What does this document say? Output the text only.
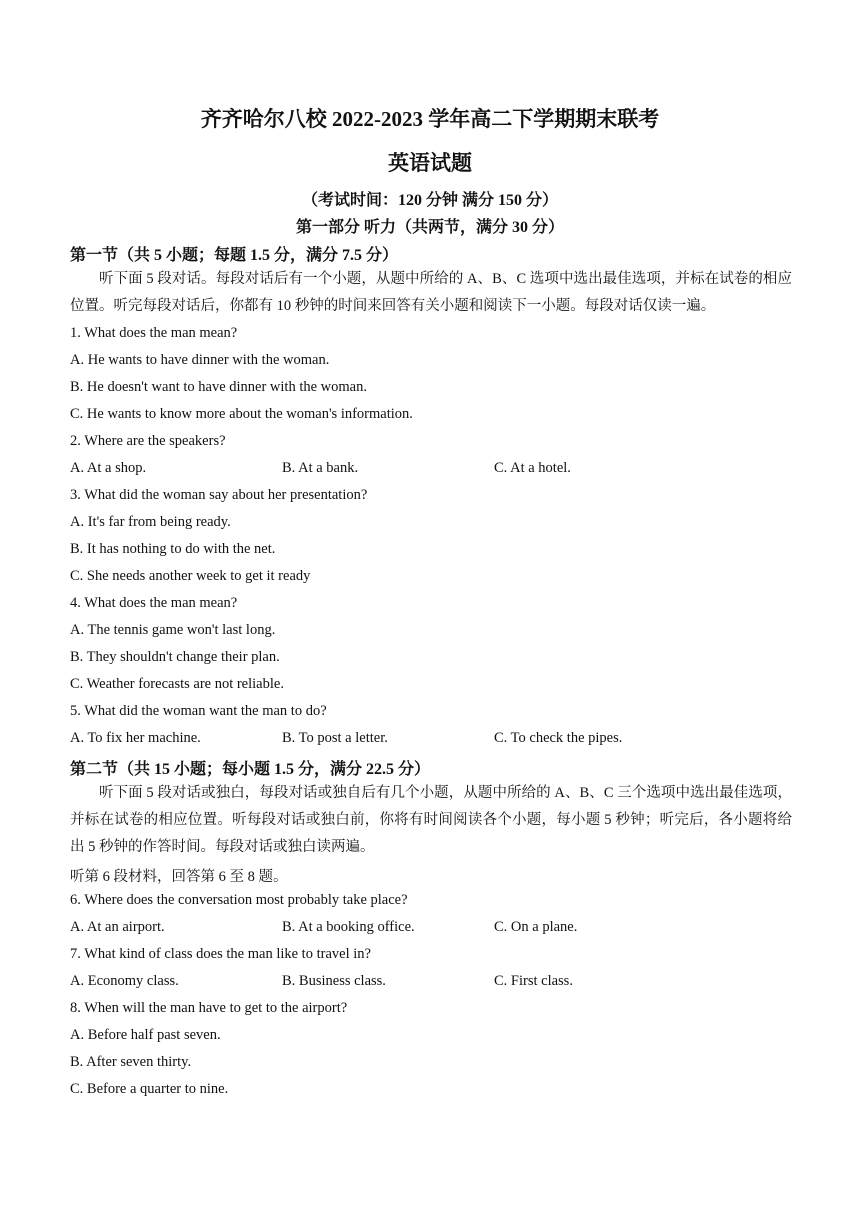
齐齐哈尔八校 2022-2023 学年高二下学期期末联考
英语试题
（考试时间：120 分钟 满分 150 分）
第一部分 听力（共两节，满分 30 分）
第一节（共 5 小题；每题 1.5 分，满分 7.5 分）
听下面 5 段对话。每段对话后有一个小题，从题中所给的 A、B、C 选项中选出最佳选项，并标在试卷的相应位置。听完每段对话后，你都有 10 秒钟的时间来回答有关小题和阅读下一小题。每段对话仅读一遍。
1. What does the man mean?
A. He wants to have dinner with the woman.
B. He doesn't want to have dinner with the woman.
C. He wants to know more about the woman's information.
2. Where are the speakers?
A. At a shop.	B. At a bank.	C. At a hotel.
3. What did the woman say about her presentation?
A. It's far from being ready.
B. It has nothing to do with the net.
C. She needs another week to get it ready
4. What does the man mean?
A. The tennis game won't last long.
B. They shouldn't change their plan.
C. Weather forecasts are not reliable.
5. What did the woman want the man to do?
A. To fix her machine.	B. To post a letter.	C. To check the pipes.
第二节（共 15 小题；每小题 1.5 分，满分 22.5 分）
听下面 5 段对话或独白，每段对话或独自后有几个小题，从题中所给的 A、B、C 三个选项中选出最佳选项，并标在试卷的相应位置。听每段对话或独白前，你将有时间阅读各个小题，每小题 5 秒钟；听完后，各小题将给出 5 秒钟的作答时间。每段对话或独白读两遍。
听第 6 段材料，回答第 6 至 8 题。
6. Where does the conversation most probably take place?
A. At an airport.	B. At a booking office.	C. On a plane.
7. What kind of class does the man like to travel in?
A. Economy class.	B. Business class.	C. First class.
8. When will the man have to get to the airport?
A. Before half past seven.
B. After seven thirty.
C. Before a quarter to nine.
